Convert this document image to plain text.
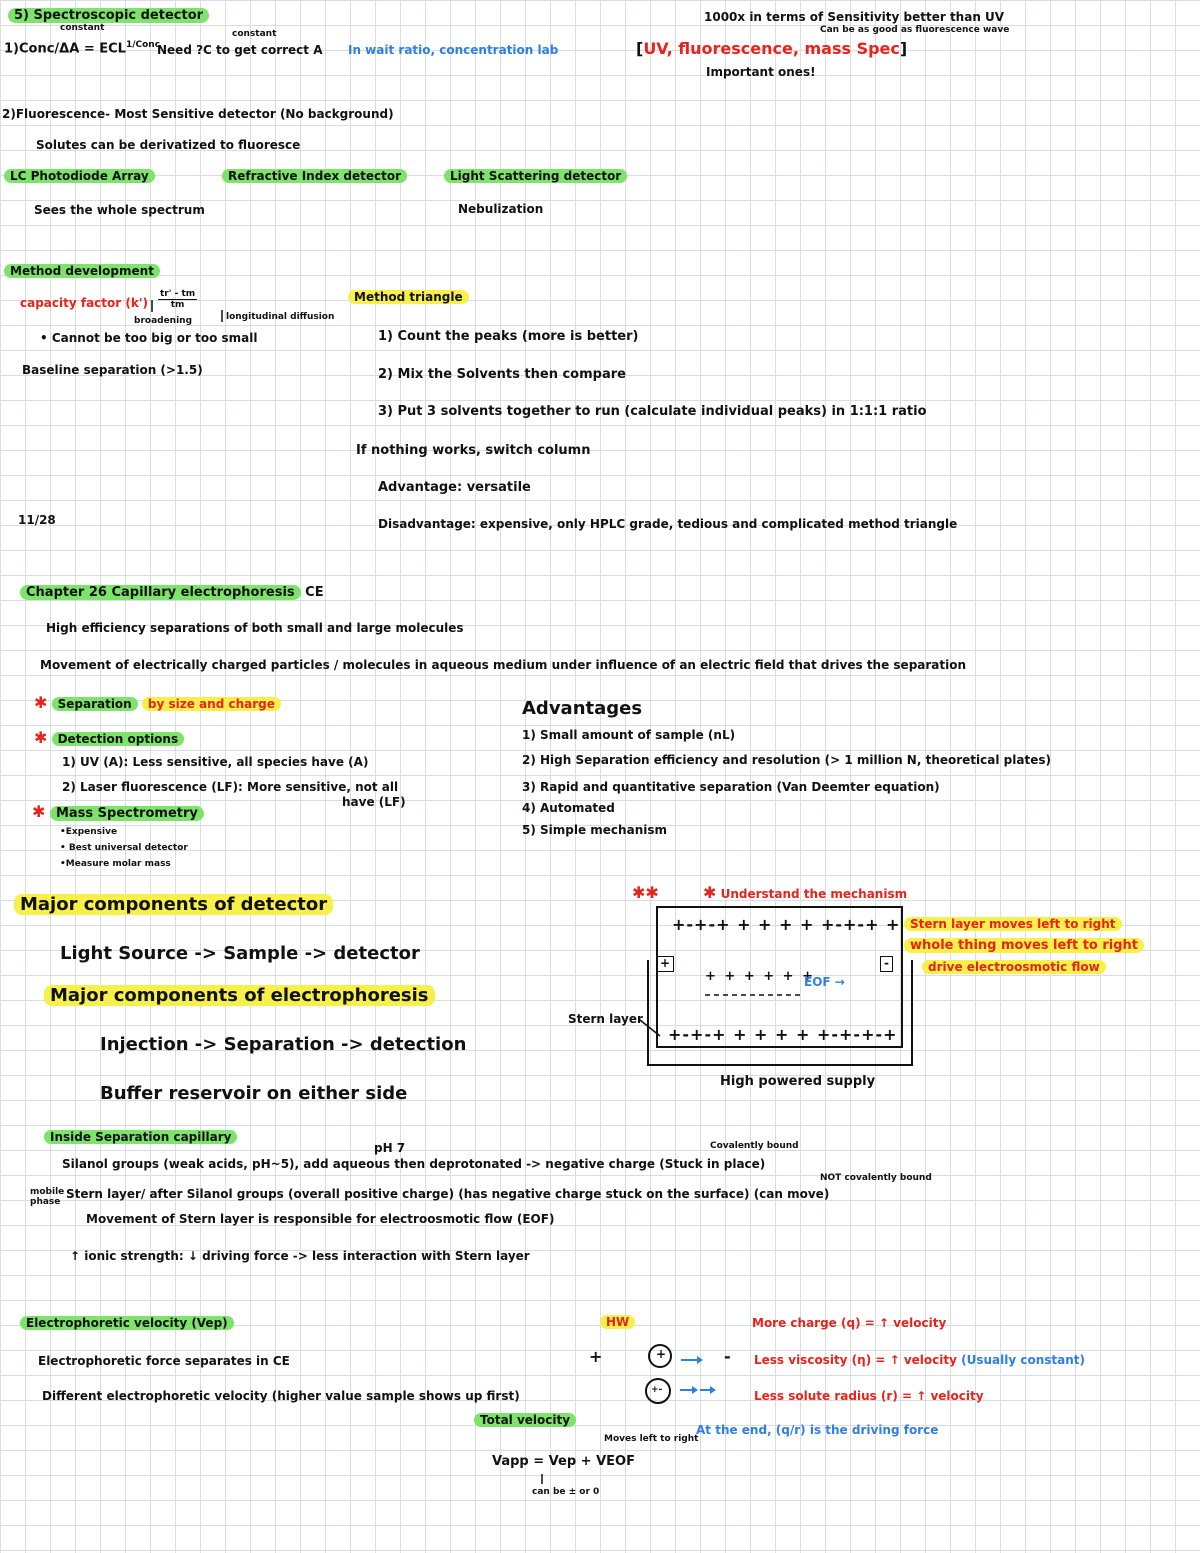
5) Spectroscopic detector
constant
constant
1)Conc/ΔA = $ECL^{1/Conc}$
Need ?C to get correct A In wait ratio, concentration lab
1000x in terms of Sensitivity better than UV
Can be as good as fluorescence wave
[UV, fluorescence, mass Spec]
Important ones!
2)Fluorescence- Most Sensitive detector (No background)
Solutes can be derivatized to fluoresce
LC Photodiode Array	Refractive Index detector	Light Scattering detector
Sees the whole spectrum	Nebulization
Method development
capacity factor $(k') \frac{tr' - tm}{tm}$
broadening	longitudinal diffusion
• Cannot be too big or too small
Baseline separation (>1.5)
Method triangle
1) Count the peaks (more is better)
2) Mix the Solvents then compare
3) Put 3 solvents together to run (calculate individual peaks) in 1:1:1 ratio
If nothing works, switch column
Advantage: versatile
Disadvantage: expensive, only HPLC grade, tedious and complicated method triangle
11/28
Chapter 26 Capillary electrophoresis CE
High efficiency separations of both small and large molecules
Movement of electrically charged particles / molecules in aqueous medium under influence of an electric field that drives the separation
✱ Separation by size and charge
✱ Detection options
1) UV (A): Less sensitive, all species have (A)
2) Laser fluorescence (LF): More sensitive, not all
have (LF)
✱ Mass Spectrometry
•Expensive
• Best universal detector
•Measure molar mass
Advantages
1) Small amount of sample (nL)
2) High Separation efficiency and resolution (> 1 million N, theoretical plates)
3) Rapid and quantitative separation (Van Deemter equation)
4) Automated
5) Simple mechanism
Major components of detector
Light Source -> Sample -> detector
Major components of electrophoresis
Injection -> Separation -> detection
Buffer reservoir on either side
✱✱	✱ Understand the mechanism
+-+-+ + + + + +-+-+ +
+ + + + + +
EOF →
+-+-+ + + + + +-+-+-+
+	-
Stern layer
Stern layer moves left to right
whole thing moves left to right
drive electroosmotic flow
High powered supply
Inside Separation capillary
pH 7	Covalently bound
Silanol groups (weak acids, pH~5), add aqueous then deprotonated -> negative charge (Stuck in place)
NOT covalently bound
mobile phase
Stern layer/ after Silanol groups (overall positive charge) (has negative charge stuck on the surface) (can move)
Movement of Stern layer is responsible for electroosmotic flow (EOF)
↑ ionic strength: ↓ driving force -> less interaction with Stern layer
Electrophoretic velocity (Vep)
Electrophoretic force separates in CE
Different electrophoretic velocity (higher value sample shows up first)
Total velocity
Moves left to right
Vapp = Vep + VEOF
can be ± or 0
HW
+	-
+
+-
More charge (q) = ↑ velocity
Less viscosity (η) = ↑ velocity (Usually constant)
Less solute radius (r) = ↑ velocity
At the end, (q/r) is the driving force
